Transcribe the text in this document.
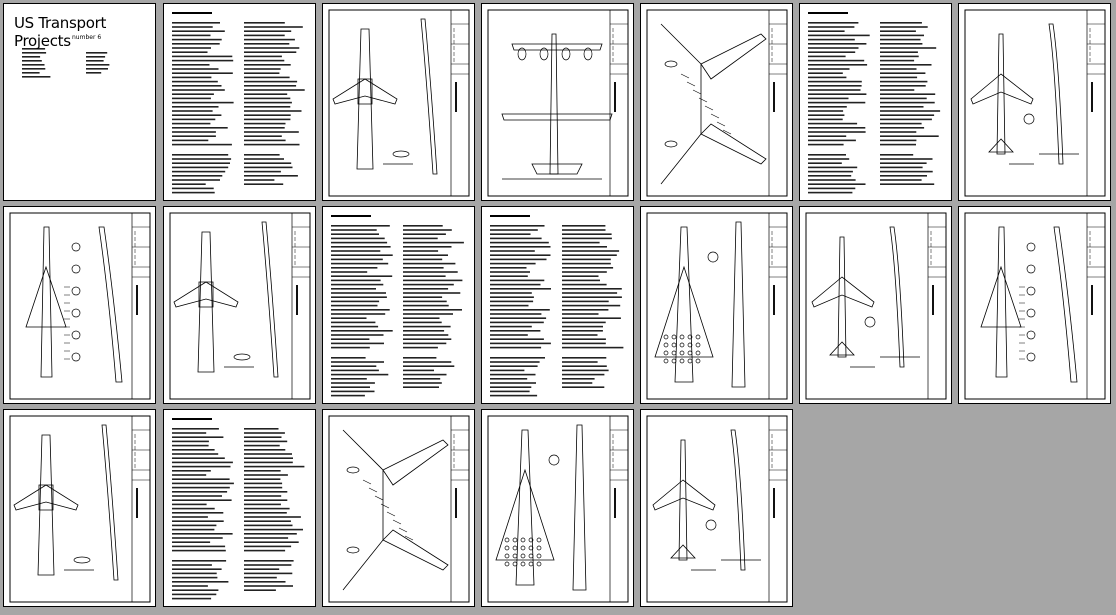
US Transport Projects number 6
